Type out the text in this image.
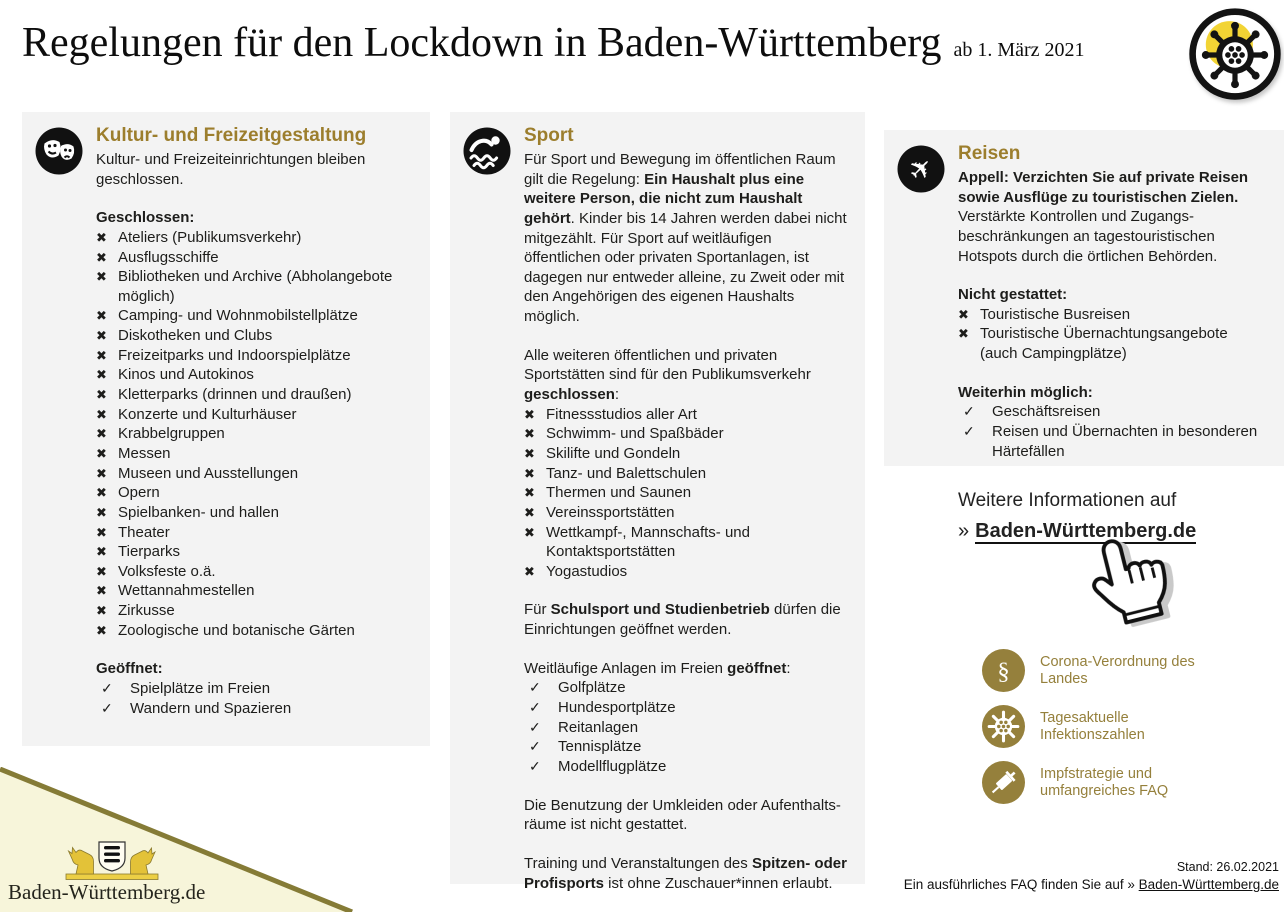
Regelungen für den Lockdown in Baden-Württemberg ab 1. März 2021
Kultur- und Freizeitgestaltung

Kultur- und Freizeiteinrichtungen bleiben geschlossen.

Geschlossen:

✖ Ateliers (Publikumsverkehr)
✖ Ausflugsschiffe
✖ Bibliotheken und Archive (Abholangebote möglich)
✖ Camping- und Wohnmobilstellplätze
✖ Diskotheken und Clubs
✖ Freizeitparks und Indoorspielplätze
✖ Kinos und Autokinos
✖ Kletterparks (drinnen und draußen)
✖ Konzerte und Kulturhäuser
✖ Krabbelgruppen
✖ Messen
✖ Museen und Ausstellungen
✖ Opern
✖ Spielbanken- und hallen
✖ Theater
✖ Tierparks
✖ Volksfeste o.ä.
✖ Wettannahmestellen
✖ Zirkusse
✖ Zoologische und botanische Gärten

Geöffnet:

✓ Spielplätze im Freien
✓ Wandern und Spazieren
Sport

Für Sport und Bewegung im öffentlichen Raum gilt die Regelung: Ein Haushalt plus eine weitere Person, die nicht zum Haushalt gehört. Kinder bis 14 Jahren werden dabei nicht mitgezählt. Für Sport auf weitläufigen öffentlichen oder privaten Sportanlagen, ist dagegen nur entweder alleine, zu Zweit oder mit den Angehörigen des eigenen Haushalts möglich.

Alle weiteren öffentlichen und privaten Sportstätten sind für den Publikumsverkehr geschlossen:

✖ Fitnessstudios aller Art
✖ Schwimm- und Spaßbäder
✖ Skilifte und Gondeln
✖ Tanz- und Balettschulen
✖ Thermen und Saunen
✖ Vereinssportstätten
✖ Wettkampf-, Mannschafts- und Kontaktsportstätten
✖ Yogastudios

Für Schulsport und Studienbetrieb dürfen die Einrichtungen geöffnet werden.

Weitläufige Anlagen im Freien geöffnet:

✓ Golfplätze
✓ Hundesportplätze
✓ Reitanlagen
✓ Tennisplätze
✓ Modellflugplätze

Die Benutzung der Umkleiden oder Aufenthaltsräume ist nicht gestattet.

Training und Veranstaltungen des Spitzen- oder Profisports ist ohne Zuschauer*innen erlaubt.

✈ Reisen

Appell: Verzichten Sie auf private Reisen sowie Ausflüge zu touristischen Zielen. Verstärkte Kontrollen und Zugangsbeschränkungen an tagestouristischen Hotspots durch die örtlichen Behörden.

Nicht gestattet:

✖ Touristische Busreisen
✖ Touristische Übernachtungsangebote (auch Campingplätze)

Weiterhin möglich:

✓ Geschäftsreisen
✓ Reisen und Übernachten in besonderen Härtefällen
Weitere Informationen auf
» Baden-Württemberg.de
§ Corona-Verordnung des Landes
Tagesaktuelle Infektionszahlen
Impfstrategie und umfangreiches FAQ
Stand: 26.02.2021
Ein ausführliches FAQ finden Sie auf » Baden-Württemberg.de
Baden-Württemberg.de
